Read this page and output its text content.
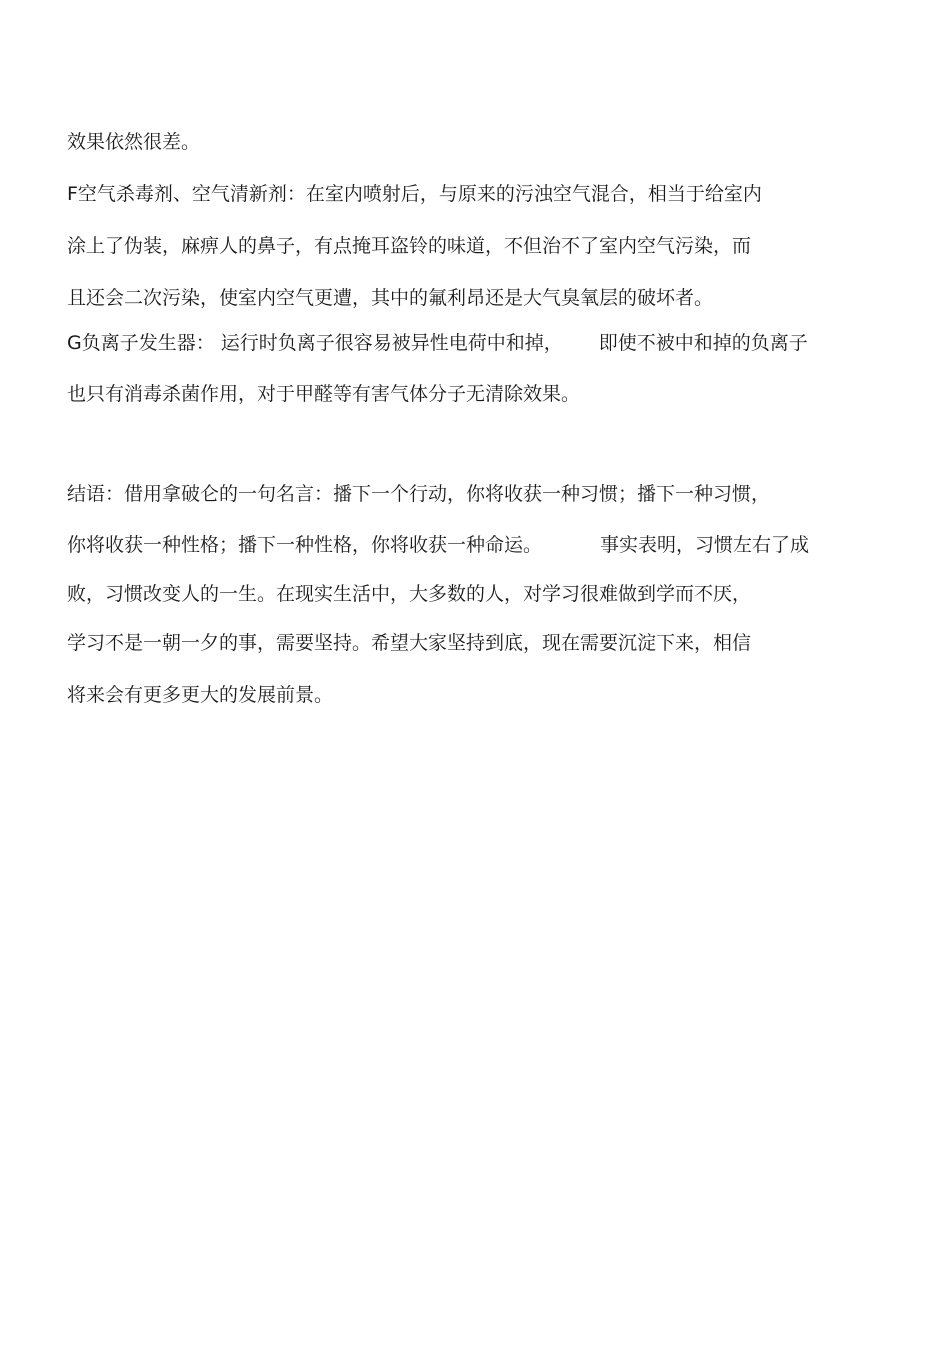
效果依然很差。
F空气杀毒剂、空气清新剂：在室内喷射后，与原来的污浊空气混合，相当于给室内
涂上了伪装，麻痹人的鼻子，有点掩耳盗铃的味道，不但治不了室内空气污染，而
且还会二次污染，使室内空气更遭，其中的氟利昂还是大气臭氧层的破坏者。
G负离子发生器： 运行时负离子很容易被异性电荷中和掉， 即使不被中和掉的负离子
也只有消毒杀菌作用，对于甲醛等有害气体分子无清除效果。
结语：借用拿破仑的一句名言：播下一个行动，你将收获一种习惯；播下一种习惯，
你将收获一种性格；播下一种性格，你将收获一种命运。	事实表明，习惯左右了成
败，习惯改变人的一生。在现实生活中，大多数的人，对学习很难做到学而不厌，
学习不是一朝一夕的事，需要坚持。希望大家坚持到底，现在需要沉淀下来，相信
将来会有更多更大的发展前景。
